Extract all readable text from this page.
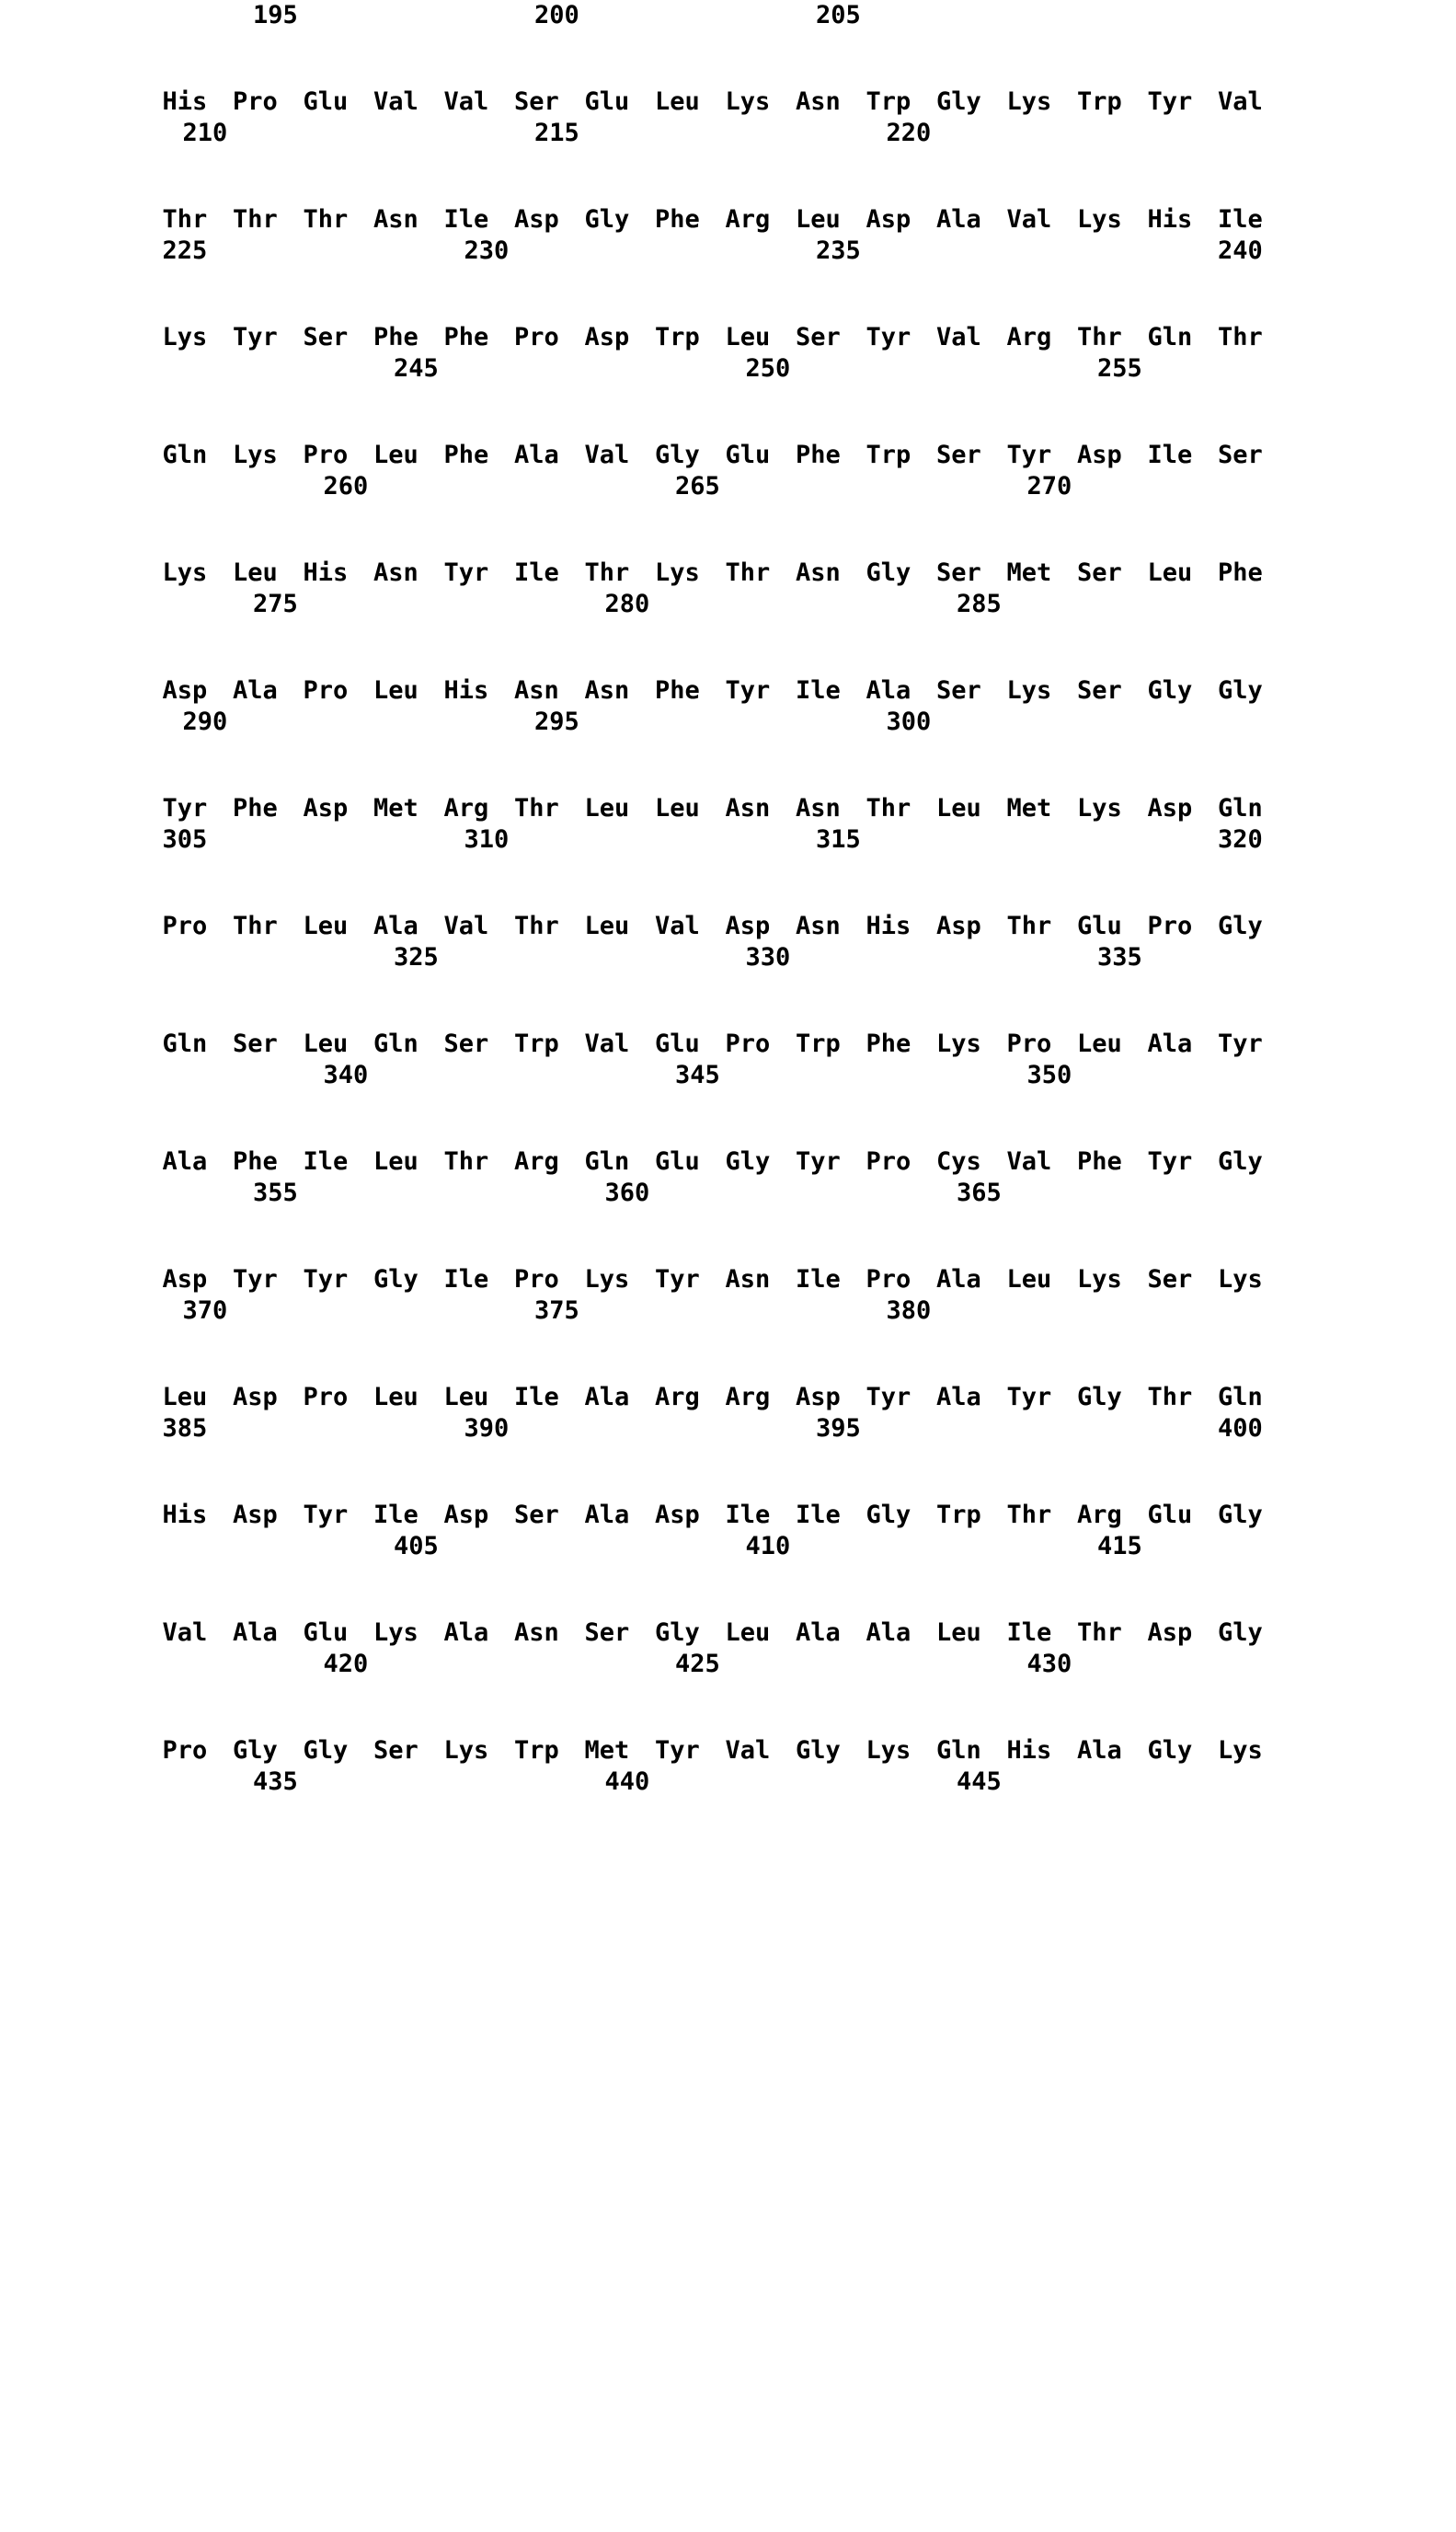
195	200	205
His	Pro	Glu	Val	Val	Ser	Glu	Leu	Lys	Asn	Trp	Gly	Lys	Trp	Tyr	Val
210	215	220
Thr	Thr	Thr	Asn	Ile	Asp	Gly	Phe	Arg	Leu	Asp	Ala	Val	Lys	His	Ile
225	230	235	240
Lys	Tyr	Ser	Phe	Phe	Pro	Asp	Trp	Leu	Ser	Tyr	Val	Arg	Thr	Gln	Thr
245	250	255
Gln	Lys	Pro	Leu	Phe	Ala	Val	Gly	Glu	Phe	Trp	Ser	Tyr	Asp	Ile	Ser
260	265	270
Lys	Leu	His	Asn	Tyr	Ile	Thr	Lys	Thr	Asn	Gly	Ser	Met	Ser	Leu	Phe
275	280	285
Asp	Ala	Pro	Leu	His	Asn	Asn	Phe	Tyr	Ile	Ala	Ser	Lys	Ser	Gly	Gly
290	295	300
Tyr	Phe	Asp	Met	Arg	Thr	Leu	Leu	Asn	Asn	Thr	Leu	Met	Lys	Asp	Gln
305	310	315	320
Pro	Thr	Leu	Ala	Val	Thr	Leu	Val	Asp	Asn	His	Asp	Thr	Glu	Pro	Gly
325	330	335
Gln	Ser	Leu	Gln	Ser	Trp	Val	Glu	Pro	Trp	Phe	Lys	Pro	Leu	Ala	Tyr
340	345	350
Ala	Phe	Ile	Leu	Thr	Arg	Gln	Glu	Gly	Tyr	Pro	Cys	Val	Phe	Tyr	Gly
355	360	365
Asp	Tyr	Tyr	Gly	Ile	Pro	Lys	Tyr	Asn	Ile	Pro	Ala	Leu	Lys	Ser	Lys
370	375	380
Leu	Asp	Pro	Leu	Leu	Ile	Ala	Arg	Arg	Asp	Tyr	Ala	Tyr	Gly	Thr	Gln
385	390	395	400
His	Asp	Tyr	Ile	Asp	Ser	Ala	Asp	Ile	Ile	Gly	Trp	Thr	Arg	Glu	Gly
405	410	415
Val	Ala	Glu	Lys	Ala	Asn	Ser	Gly	Leu	Ala	Ala	Leu	Ile	Thr	Asp	Gly
420	425	430
Pro	Gly	Gly	Ser	Lys	Trp	Met	Tyr	Val	Gly	Lys	Gln	His	Ala	Gly	Lys
435	440	445
